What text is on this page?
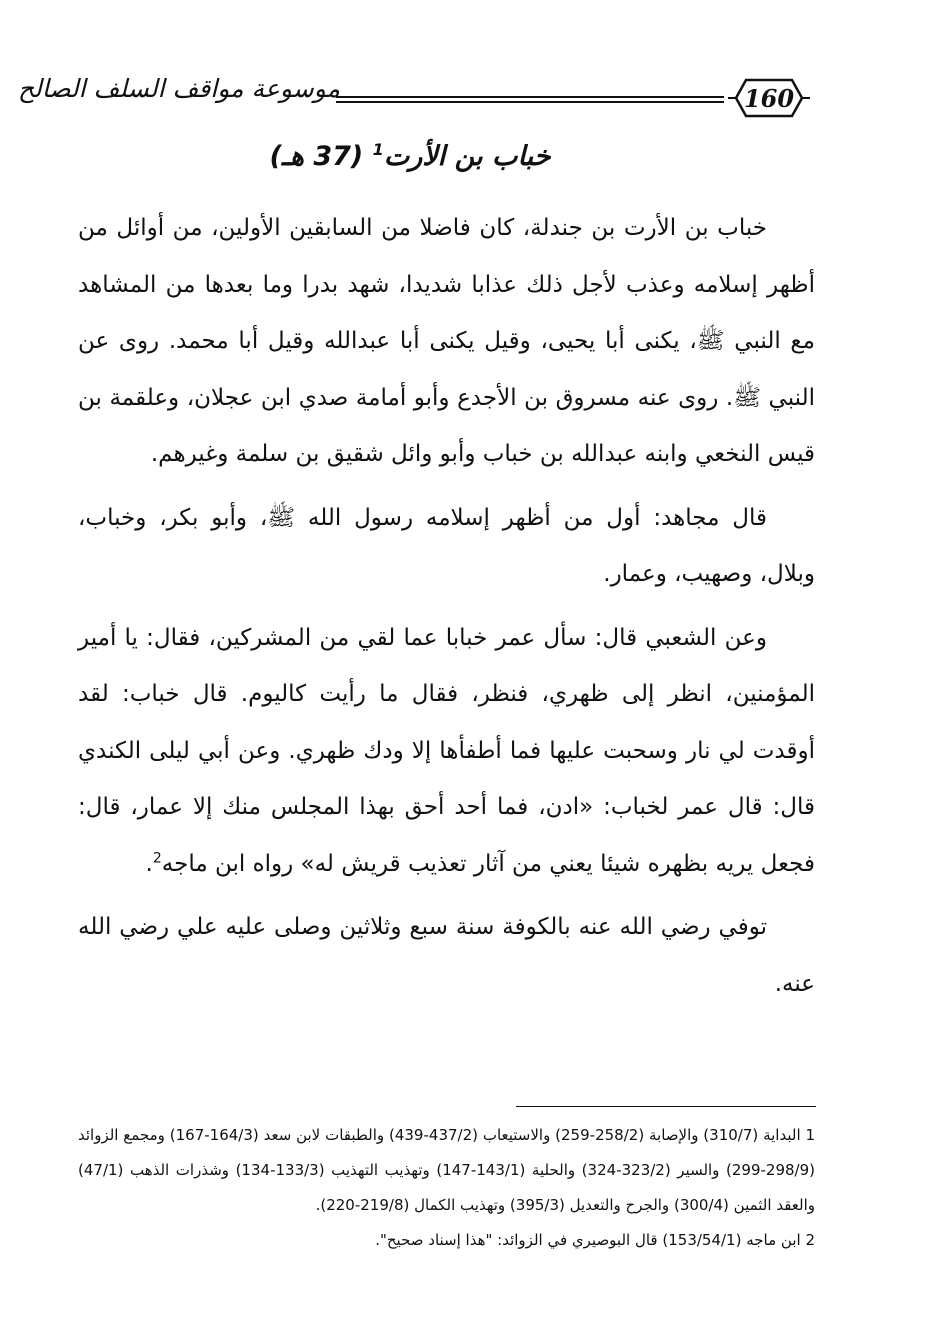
موسوعة مواقف السلف الصالح	160
خباب بن الأرت$^1$ (37 هـ)

خباب بن الأرت بن جندلة، كان فاضلا من السابقين الأولين، من أوائل من أظهر إسلامه وعذب لأجل ذلك عذابا شديدا، شهد بدرا وما بعدها من المشاهد مع النبي ﷺ، يكنى أبا يحيى، وقيل يكنى أبا عبدالله وقيل أبا محمد. روى عن النبي ﷺ. روى عنه مسروق بن الأجدع وأبو أمامة صدي ابن عجلان، وعلقمة بن قيس النخعي وابنه عبدالله بن خباب وأبو وائل شقيق بن سلمة وغيرهم.

قال مجاهد: أول من أظهر إسلامه رسول الله ﷺ، وأبو بكر، وخباب، وبلال، وصهيب، وعمار.

وعن الشعبي قال: سأل عمر خبابا عما لقي من المشركين، فقال: يا أمير المؤمنين، انظر إلى ظهري، فنظر، فقال ما رأيت كاليوم. قال خباب: لقد أوقدت لي نار وسحبت عليها فما أطفأها إلا ودك ظهري. وعن أبي ليلى الكندي قال: قال عمر لخباب: «ادن، فما أحد أحق بهذا المجلس منك إلا عمار، قال: فجعل يريه بظهره شيئا يعني من آثار تعذيب قريش له» رواه ابن ماجه$^2$.

توفي رضي الله عنه بالكوفة سنة سبع وثلاثين وصلى عليه علي رضي الله عنه.

1 البداية (310/7) والإصابة (258/2-259) والاستيعاب (437/2-439) والطبقات لابن سعد (164/3-167) ومجمع الزوائد (298/9-299) والسير (323/2-324) والحلية (143/1-147) وتهذيب التهذيب (133/3-134) وشذرات الذهب (47/1) والعقد الثمين (300/4) والجرح والتعديل (395/3) وتهذيب الكمال (219/8-220).

2 ابن ماجه (153/54/1) قال البوصيري في الزوائد: "هذا إسناد صحيح".
